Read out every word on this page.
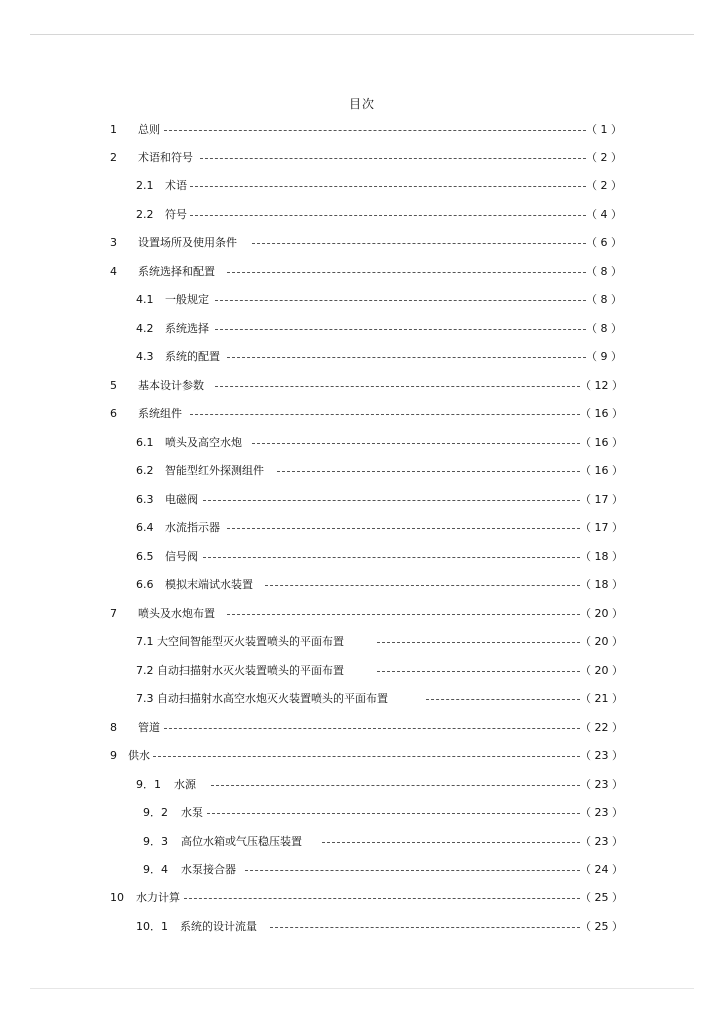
目次
1 总则	（ 1 ）
2 术语和符号	（ 2 ）
2.1 术语	（ 2 ）
2.2 符号	（ 4 ）
3 设置场所及使用条件	（ 6 ）
4 系统选择和配置	（ 8 ）
4.1 一般规定	（ 8 ）
4.2 系统选择	（ 8 ）
4.3 系统的配置	（ 9 ）
5 基本设计参数	（ 12 ）
6 系统组件	（ 16 ）
6.1 喷头及高空水炮	（ 16 ）
6.2 智能型红外探测组件	（ 16 ）
6.3 电磁阀	（ 17 ）
6.4 水流指示器	（ 17 ）
6.5 信号阀	（ 18 ）
6.6 模拟末端试水装置	（ 18 ）
7 喷头及水炮布置	（ 20 ）
7.1 大空间智能型灭火装置喷头的平面布置	（ 20 ）
7.2 自动扫描射水灭火装置喷头的平面布置	（ 20 ）
7.3 自动扫描射水高空水炮灭火装置喷头的平面布置	（ 21 ）
8 管道	（ 22 ）
9 供水	（ 23 ）
9．1 水源	（ 23 ）
9．2 水泵	（ 23 ）
9．3 高位水箱或气压稳压装置	（ 23 ）
9．4 水泵接合器	（ 24 ）
10 水力计算	（ 25 ）
10．1 系统的设计流量	（ 25 ）
